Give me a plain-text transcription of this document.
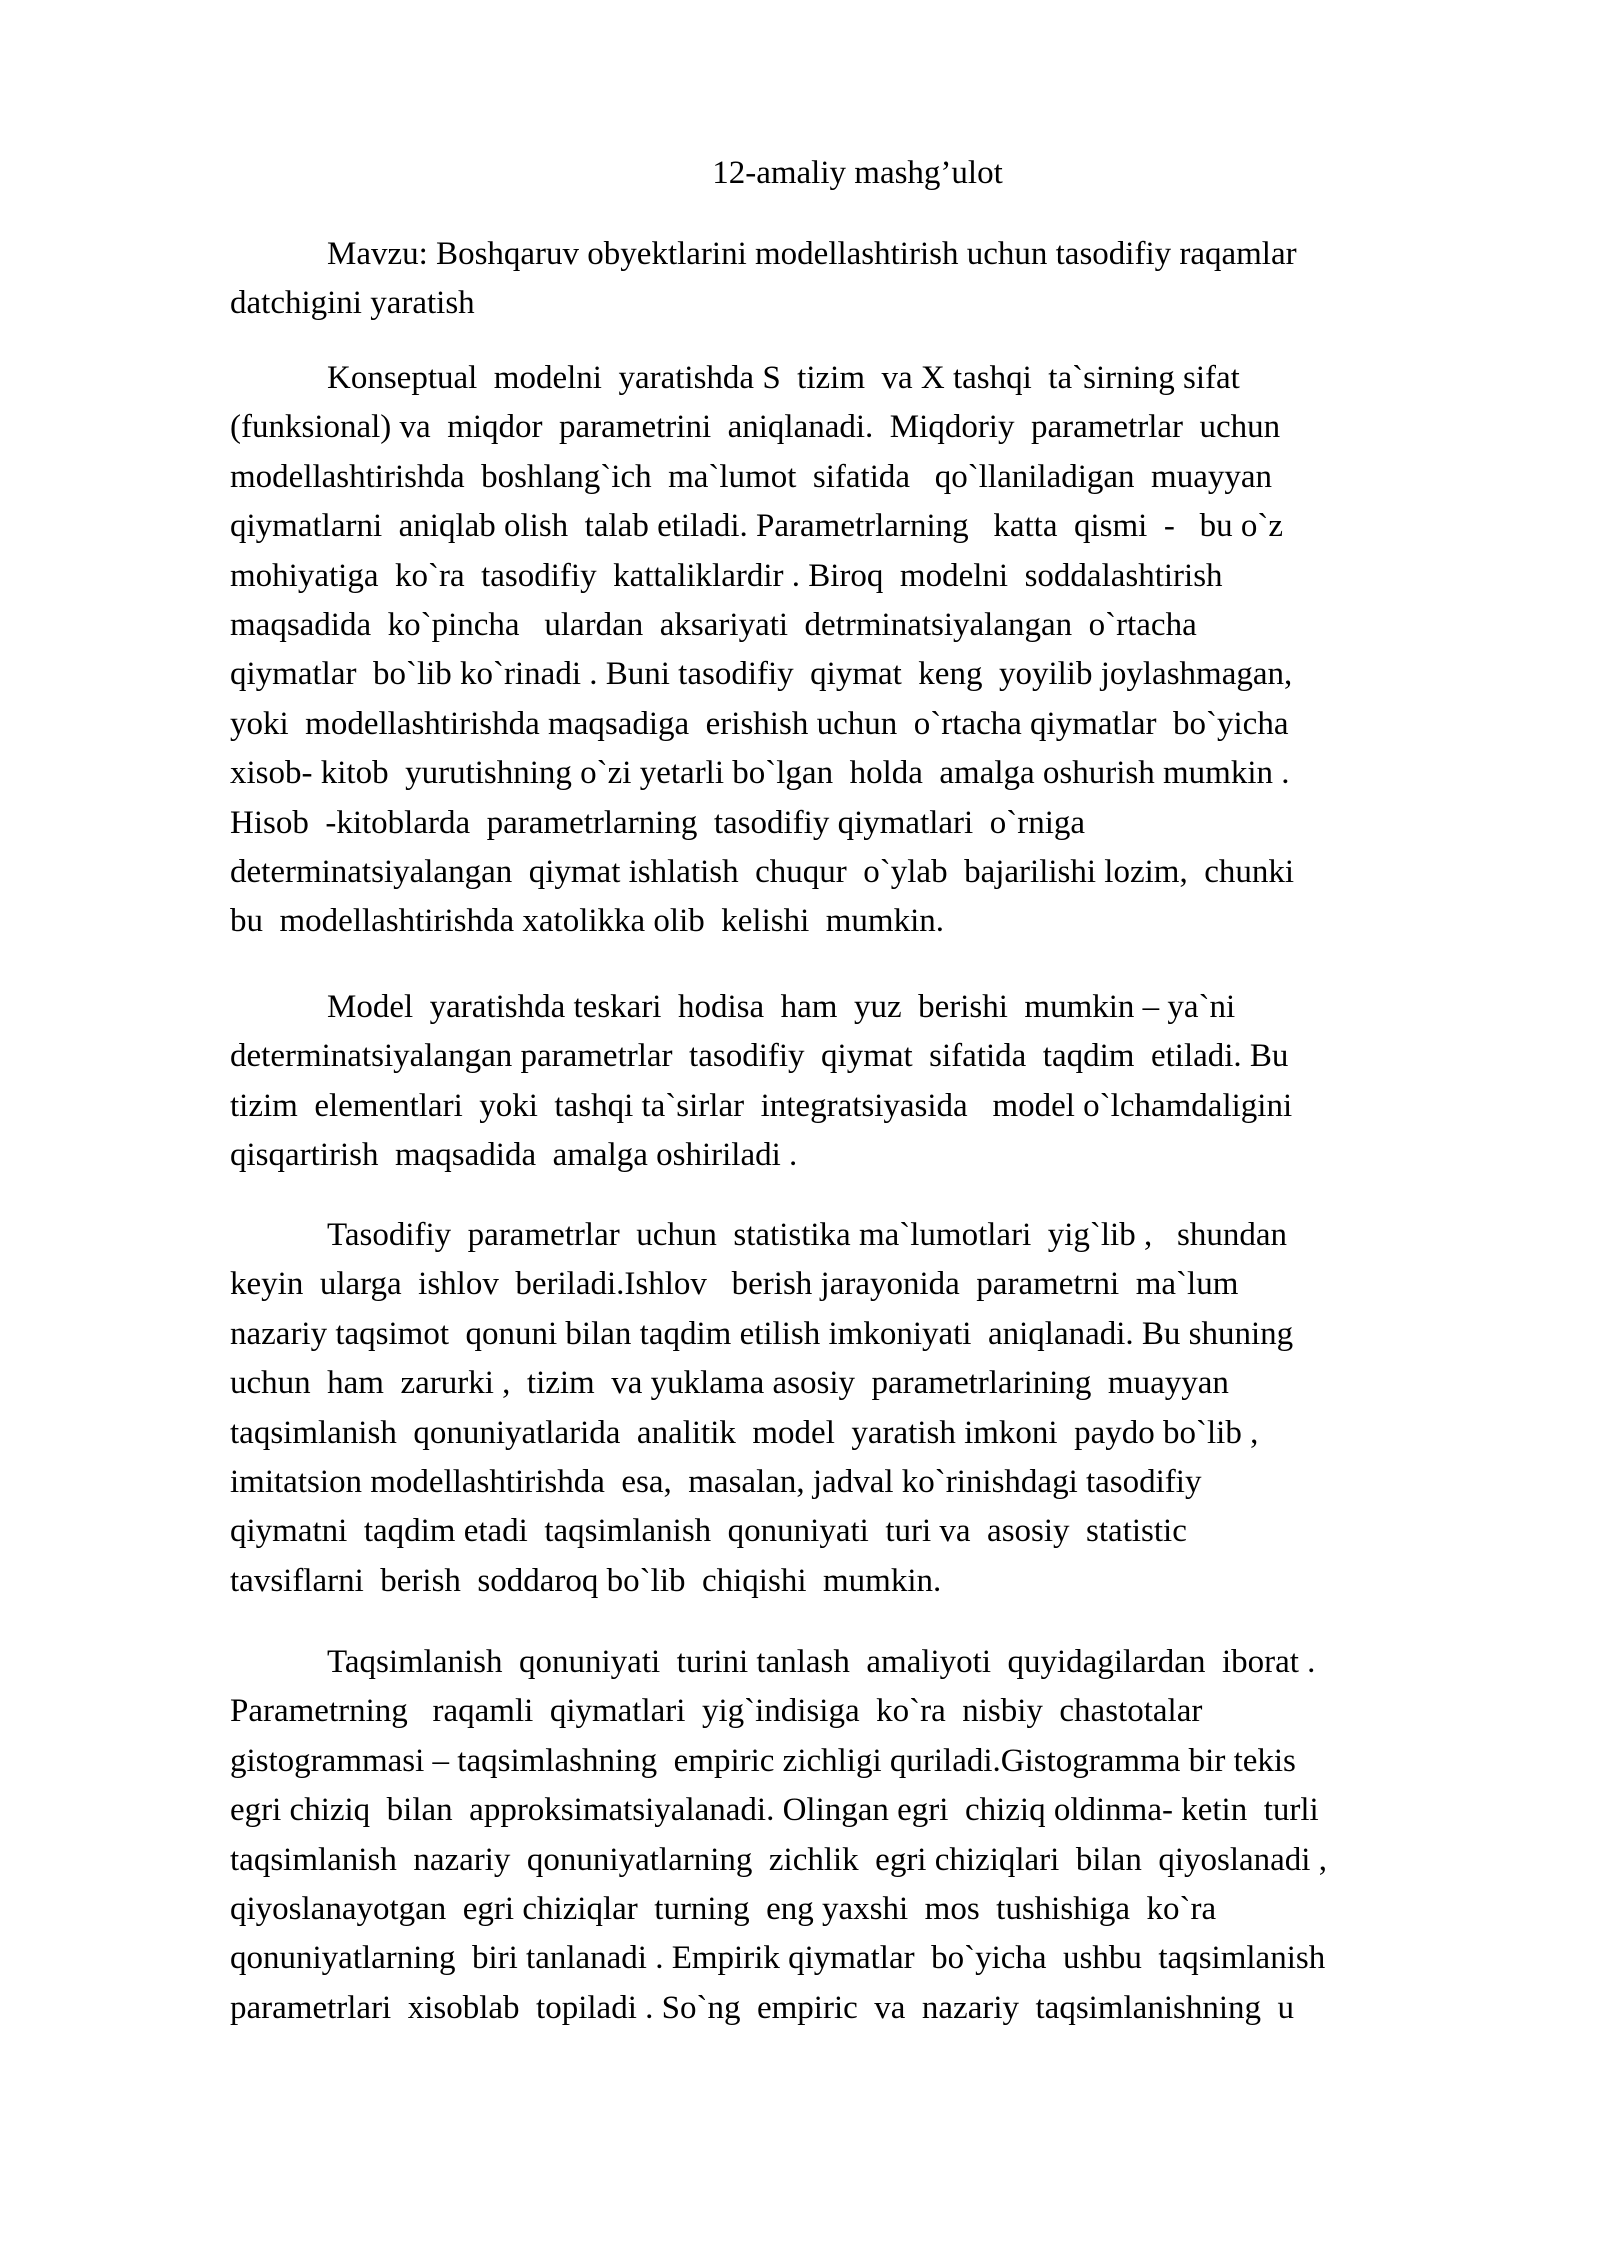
12-amaliy mashg’ulot
Mavzu: Boshqaruv obyektlarini modellashtirish uchun tasodifiy raqamlar
datchigini yaratish
Konseptual  modelni  yaratishda S  tizim  va X tashqi  ta`sirning sifat
(funksional) va  miqdor  parametrini  aniqlanadi.  Miqdoriy  parametrlar  uchun
modellashtirishda  boshlang`ich  ma`lumot  sifatida   qo`llaniladigan  muayyan
qiymatlarni  aniqlab olish  talab etiladi. Parametrlarning   katta  qismi  -   bu o`z
mohiyatiga  ko`ra  tasodifiy  kattaliklardir . Biroq  modelni  soddalashtirish
maqsadida  ko`pincha   ulardan  aksariyati  detrminatsiyalangan  o`rtacha
qiymatlar  bo`lib ko`rinadi . Buni tasodifiy  qiymat  keng  yoyilib joylashmagan,
yoki  modellashtirishda maqsadiga  erishish uchun  o`rtacha qiymatlar  bo`yicha
xisob- kitob  yurutishning o`zi yetarli bo`lgan  holda  amalga oshurish mumkin .
Hisob  -kitoblarda  parametrlarning  tasodifiy qiymatlari  o`rniga
determinatsiyalangan  qiymat ishlatish  chuqur  o`ylab  bajarilishi lozim,  chunki
bu  modellashtirishda xatolikka olib  kelishi  mumkin.
Model  yaratishda teskari  hodisa  ham  yuz  berishi  mumkin – ya`ni
determinatsiyalangan parametrlar  tasodifiy  qiymat  sifatida  taqdim  etiladi. Bu
tizim  elementlari  yoki  tashqi ta`sirlar  integratsiyasida   model o`lchamdaligini
qisqartirish  maqsadida  amalga oshiriladi .
Tasodifiy  parametrlar  uchun  statistika ma`lumotlari  yig`lib ,   shundan
keyin  ularga  ishlov  beriladi.Ishlov   berish jarayonida  parametrni  ma`lum
nazariy taqsimot  qonuni bilan taqdim etilish imkoniyati  aniqlanadi. Bu shuning
uchun  ham  zarurki ,  tizim  va yuklama asosiy  parametrlarining  muayyan
taqsimlanish  qonuniyatlarida  analitik  model  yaratish imkoni  paydo bo`lib ,
imitatsion modellashtirishda  esa,  masalan, jadval ko`rinishdagi tasodifiy
qiymatni  taqdim etadi  taqsimlanish  qonuniyati  turi va  asosiy  statistic
tavsiflarni  berish  soddaroq bo`lib  chiqishi  mumkin.
Taqsimlanish  qonuniyati  turini tanlash  amaliyoti  quyidagilardan  iborat .
Parametrning   raqamli  qiymatlari  yig`indisiga  ko`ra  nisbiy  chastotalar
gistogrammasi – taqsimlashning  empiric zichligi quriladi.Gistogramma bir tekis
egri chiziq  bilan  approksimatsiyalanadi. Olingan egri  chiziq oldinma- ketin  turli
taqsimlanish  nazariy  qonuniyatlarning  zichlik  egri chiziqlari  bilan  qiyoslanadi ,
qiyoslanayotgan  egri chiziqlar  turning  eng yaxshi  mos  tushishiga  ko`ra
qonuniyatlarning  biri tanlanadi . Empirik qiymatlar  bo`yicha  ushbu  taqsimlanish
parametrlari  xisoblab  topiladi . So`ng  empiric  va  nazariy  taqsimlanishning  u
